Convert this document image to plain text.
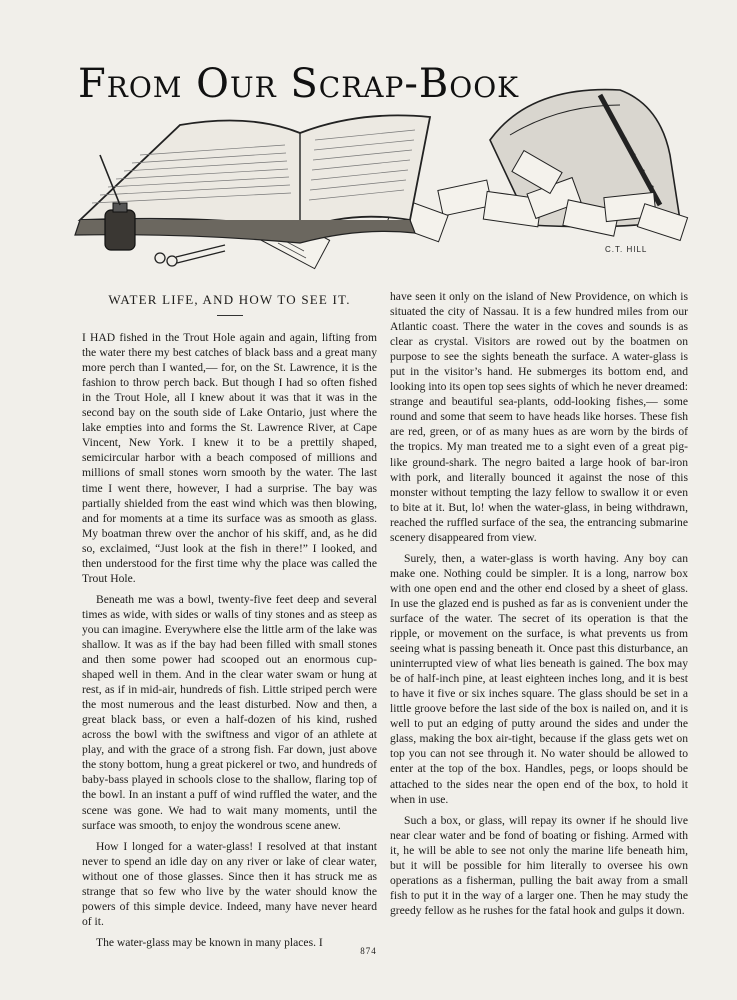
From Our Scrap-Book
C.T. HILL
WATER LIFE, AND HOW TO SEE IT.

I HAD fished in the Trout Hole again and again, lifting from the water there my best catches of black bass and a great many more perch than I wanted,— for, on the St. Lawrence, it is the fashion to throw perch back. But though I had so often fished in the Trout Hole, all I knew about it was that it was in the second bay on the south side of Lake Ontario, just where the lake empties into and forms the St. Lawrence River, at Cape Vincent, New York. I knew it to be a prettily shaped, semicircular harbor with a beach composed of millions and millions of small stones worn smooth by the water. The last time I went there, however, I had a surprise. The bay was partially shielded from the east wind which was then blowing, and for moments at a time its surface was as smooth as glass. My boatman threw over the anchor of his skiff, and, as he did so, exclaimed, “Just look at the fish in there!” I looked, and then understood for the first time why the place was called the Trout Hole.

Beneath me was a bowl, twenty-five feet deep and several times as wide, with sides or walls of tiny stones and as steep as you can imagine. Everywhere else the little arm of the lake was shallow. It was as if the bay had been filled with small stones and then some power had scooped out an enormous cup-shaped well in them. And in the clear water swam or hung at rest, as if in mid-air, hundreds of fish. Little striped perch were the most numerous and the least disturbed. Now and then, a great black bass, or even a half-dozen of his kind, rushed across the bowl with the swiftness and vigor of an athlete at play, and with the grace of a strong fish. Far down, just above the stony bottom, hung a great pickerel or two, and hundreds of baby-bass played in schools close to the shallow, flaring top of the bowl. In an instant a puff of wind ruffled the water, and the scene was gone. We had to wait many moments, until the surface was smooth, to enjoy the wondrous scene anew.

How I longed for a water-glass! I resolved at that instant never to spend an idle day on any river or lake of clear water, without one of those glasses. Since then it has struck me as strange that so few who live by the water should know the powers of this simple device. Indeed, many have never heard of it.

The water-glass may be known in many places. I

have seen it only on the island of New Providence, on which is situated the city of Nassau. It is a few hundred miles from our Atlantic coast. There the water in the coves and sounds is as clear as crystal. Visitors are rowed out by the boatmen on purpose to see the sights beneath the surface. A water-glass is put in the visitor’s hand. He submerges its bottom end, and looking into its open top sees sights of which he never dreamed: strange and beautiful sea-plants, odd-looking fishes,— some round and some that seem to have heads like horses. These fish are red, green, or of as many hues as are worn by the birds of the tropics. My man treated me to a sight even of a great pig-like ground-shark. The negro baited a large hook of bar-iron with pork, and literally bounced it against the nose of this monster without tempting the lazy fellow to swallow it or even to bite at it. But, lo! when the water-glass, in being withdrawn, reached the ruffled surface of the sea, the entrancing submarine scenery disappeared from view.

Surely, then, a water-glass is worth having. Any boy can make one. Nothing could be simpler. It is a long, narrow box with one open end and the other end closed by a sheet of glass. In use the glazed end is pushed as far as is convenient under the surface of the water. The secret of its operation is that the ripple, or movement on the surface, is what prevents us from seeing what is passing beneath it. Once past this disturbance, an uninterrupted view of what lies beneath is gained. The box may be of half-inch pine, at least eighteen inches long, and it is best to have it five or six inches square. The glass should be set in a little groove before the last side of the box is nailed on, and it is well to put an edging of putty around the sides and under the glass, making the box air-tight, because if the glass gets wet on top you can not see through it. No water should be allowed to enter at the top of the box. Handles, pegs, or loops should be attached to the sides near the open end of the box, to hold it when in use.

Such a box, or glass, will repay its owner if he should live near clear water and be fond of boating or fishing. Armed with it, he will be able to see not only the marine life beneath him, but it will be possible for him literally to oversee his own operations as a fisherman, pulling the bait away from a small fish to put it in the way of a larger one. Then he may study the greedy fellow as he rushes for the fatal hook and gulps it down.

874
